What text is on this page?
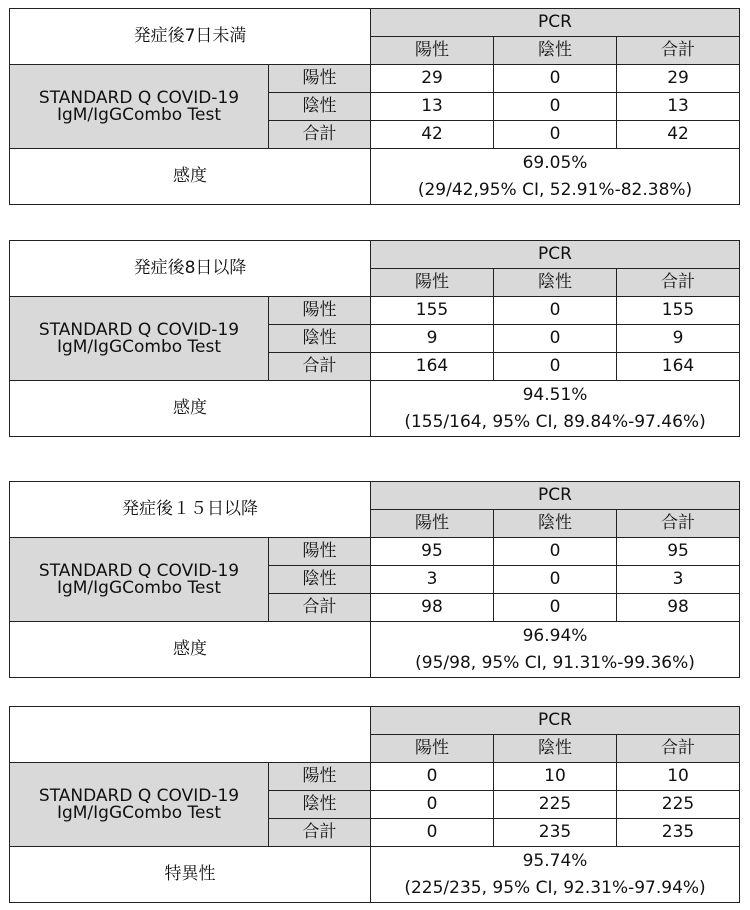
発症後7日未満		PCR		
		陽性	陰性	合計

STANDARD Q COVID-19
IgM/IgGCombo Test	陽性	29	0	29
	陰性	13	0	13
	合計	42	0	42
感度		69.05%
(29/42,95% CI, 52.91%-82.38%)		
発症後8日以降		PCR		
		陽性	陰性	合計

STANDARD Q COVID-19
IgM/IgGCombo Test	陽性	155	0	155
	陰性	9	0	9
	合計	164	0	164
感度		94.51%
(155/164, 95% CI, 89.84%-97.46%)		
発症後１５日以降		PCR		
		陽性	陰性	合計

STANDARD Q COVID-19
IgM/IgGCombo Test	陽性	95	0	95
	陰性	3	0	3
	合計	98	0	98
感度		96.94%
(95/98, 95% CI, 91.31%-99.36%)		
		PCR		
		陽性	陰性	合計

STANDARD Q COVID-19
IgM/IgGCombo Test	陽性	0	10	10
	陰性	0	225	225
	合計	0	235	235
特異性		95.74%
(225/235, 95% CI, 92.31%-97.94%)		
